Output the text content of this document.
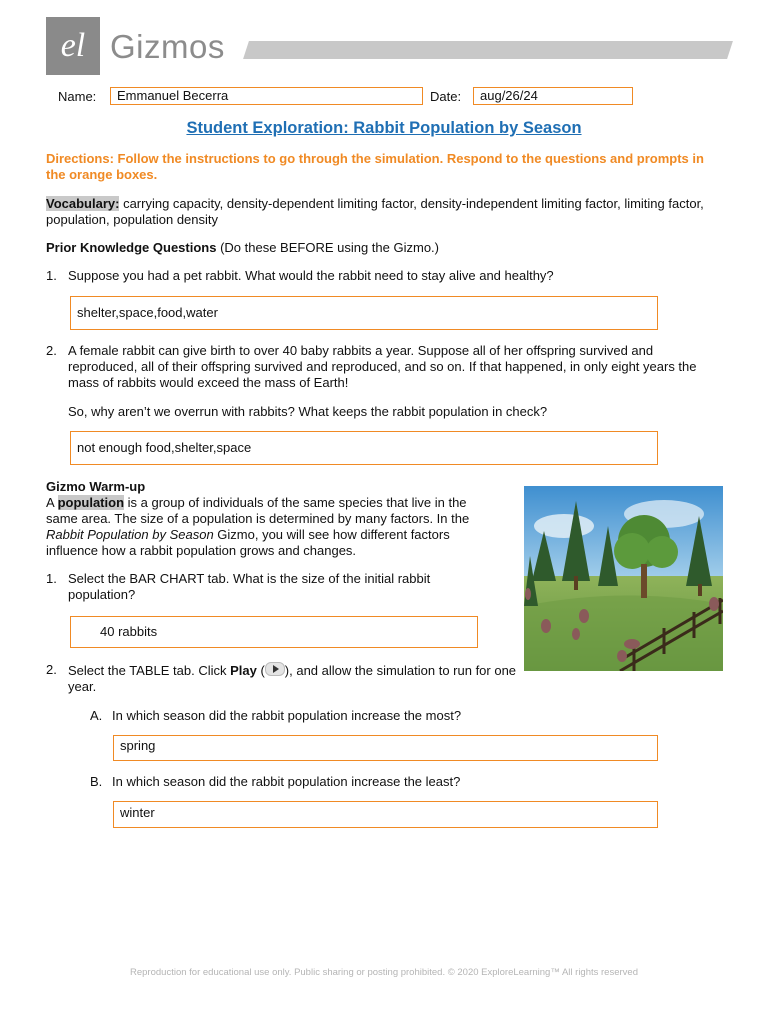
el Gizmos
Name:	Emmanuel Becerra	Date:	aug/26/24
Student Exploration: Rabbit Population by Season
Directions: Follow the instructions to go through the simulation. Respond to the questions and prompts in the orange boxes.
Vocabulary: carrying capacity, density-dependent limiting factor, density-independent limiting factor, limiting factor, population, population density
Prior Knowledge Questions (Do these BEFORE using the Gizmo.)
1. Suppose you had a pet rabbit. What would the rabbit need to stay alive and healthy?
shelter,space,food,water
2. A female rabbit can give birth to over 40 baby rabbits a year. Suppose all of her offspring survived and reproduced, all of their offspring survived and reproduced, and so on. If that happened, in only eight years the mass of rabbits would exceed the mass of Earth!
So, why aren’t we overrun with rabbits? What keeps the rabbit population in check?
not enough food,shelter,space
Gizmo Warm-up
A population is a group of individuals of the same species that live in the same area. The size of a population is determined by many factors. In the Rabbit Population by Season Gizmo, you will see how different factors influence how a rabbit population grows and changes.
1. Select the BAR CHART tab. What is the size of the initial rabbit population?
40 rabbits
2. Select the TABLE tab. Click Play ( ), and allow the simulation to run for one year.
A. In which season did the rabbit population increase the most?
spring
B. In which season did the rabbit population increase the least?
winter
Reproduction for educational use only. Public sharing or posting prohibited. © 2020 ExploreLearning™ All rights reserved
